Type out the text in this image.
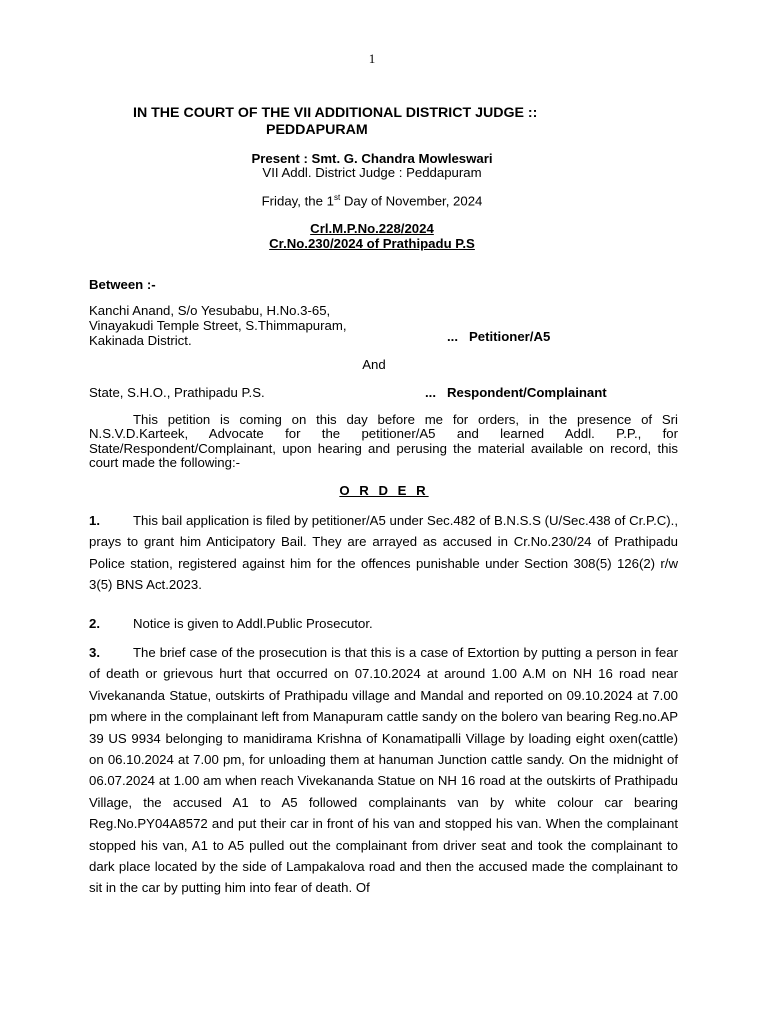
1
IN THE COURT OF THE VII ADDITIONAL DISTRICT JUDGE ::
PEDDAPURAM
Present : Smt. G. Chandra Mowleswari
VII Addl. District Judge : Peddapuram
Friday, the 1st Day of November, 2024
Crl.M.P.No.228/2024
Cr.No.230/2024 of Prathipadu P.S
Between :-
Kanchi Anand, S/o Yesubabu, H.No.3-65,
Vinayakudi Temple Street, S.Thimmapuram,
Kakinada District.	...   Petitioner/A5
And
State, S.H.O., Prathipadu P.S.	...   Respondent/Complainant
This petition is coming on this day before me for orders, in the presence of Sri N.S.V.D.Karteek, Advocate for the petitioner/A5 and learned Addl. P.P., for State/Respondent/Complainant, upon hearing and perusing the material available on record, this court made the following:-
O R D E R
1.	This bail application is filed by petitioner/A5 under Sec.482 of B.N.S.S (U/Sec.438 of Cr.P.C)., prays to grant him Anticipatory Bail. They are arrayed as accused in Cr.No.230/24 of Prathipadu Police station, registered against him for the offences punishable under Section 308(5) 126(2) r/w 3(5) BNS Act.2023.
2.	Notice is given to Addl.Public Prosecutor.
3.	The brief case of the prosecution is that this is a case of Extortion by putting a person in fear of death or grievous hurt that occurred on 07.10.2024 at around 1.00 A.M on NH 16 road near Vivekananda Statue, outskirts of Prathipadu village and Mandal and reported on 09.10.2024 at 7.00 pm where in the complainant left from Manapuram cattle sandy on the bolero van bearing Reg.no.AP 39 US 9934 belonging to manidirama Krishna of Konamatipalli Village by loading eight oxen(cattle) on 06.10.2024 at 7.00 pm, for unloading them at hanuman Junction cattle sandy. On the midnight of 06.07.2024 at 1.00 am when reach Vivekananda Statue on NH 16 road at the outskirts of Prathipadu Village, the accused A1 to A5 followed complainants van by white colour car bearing Reg.No.PY04A8572 and put their car in front of his van and stopped his van. When the complainant stopped his van, A1 to A5 pulled out the complainant from driver seat and took the complainant to dark place located by the side of Lampakalova road and then the accused made the complainant to sit in the car by putting him into fear of death. Of
